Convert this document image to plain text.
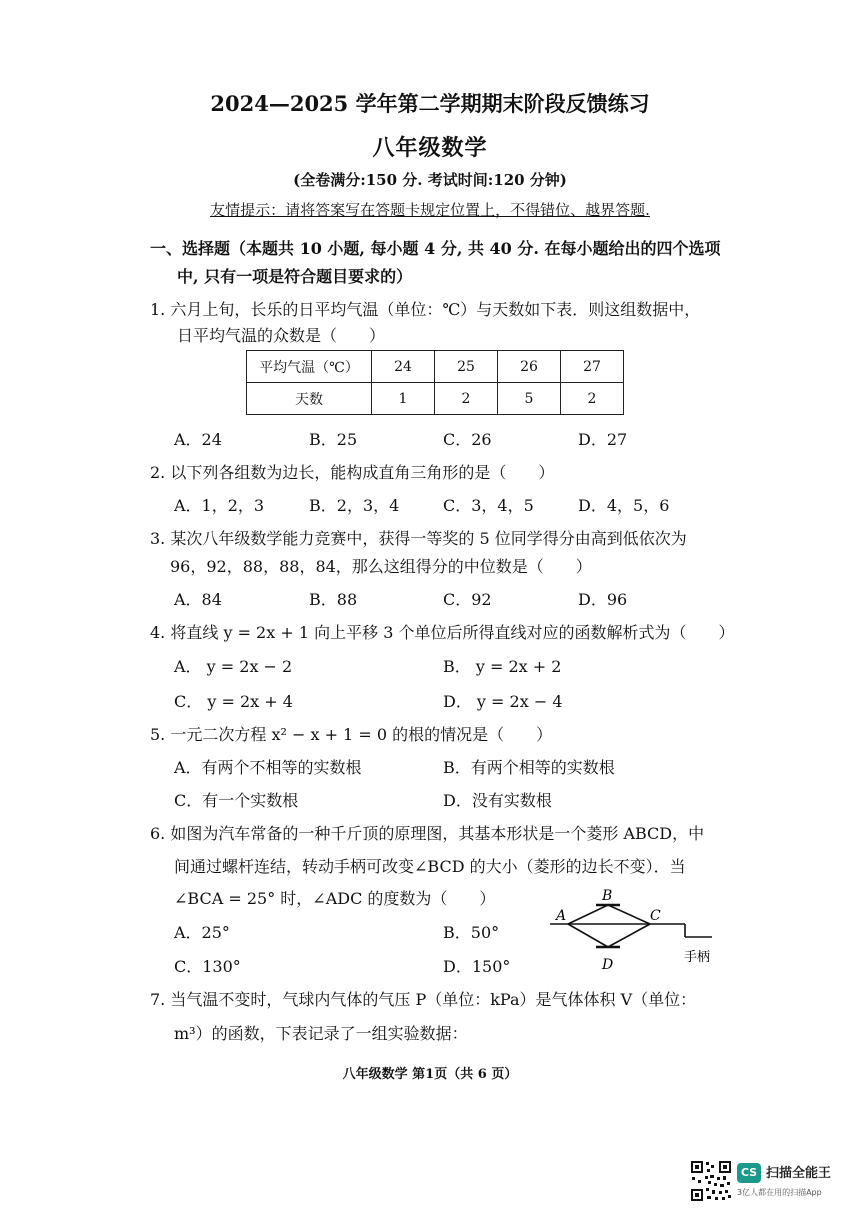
2024—2025 学年第二学期期末阶段反馈练习
八年级数学
(全卷满分:150 分. 考试时间:120 分钟)
友情提示：请将答案写在答题卡规定位置上，不得错位、越界答题.
一、选择题（本题共 10 小题, 每小题 4 分, 共 40 分. 在每小题给出的四个选项
中, 只有一项是符合题目要求的）
1. 六月上旬，长乐的日平均气温（单位：℃）与天数如下表．则这组数据中，
日平均气温的众数是（　　）
平均气温（℃）	24	25	26	27
天数	1	2	5	2
A．24	B．25	C．26	D．27
2. 以下列各组数为边长，能构成直角三角形的是（　　）
A．1，2，3	B．2，3，4	C．3，4，5	D．4，5，6
3. 某次八年级数学能力竞赛中，获得一等奖的 5 位同学得分由高到低依次为
96，92，88，88，84，那么这组得分的中位数是（　　）
A．84	B．88	C．92	D．96
4. 将直线 y = 2x + 1 向上平移 3 个单位后所得直线对应的函数解析式为（　　）
A． y = 2x − 2	B． y = 2x + 2
C． y = 2x + 4	D． y = 2x − 4
5. 一元二次方程 x² − x + 1 = 0 的根的情况是（　　）
A．有两个不相等的实数根	B．有两个相等的实数根
C．有一个实数根	D．没有实数根
6. 如图为汽车常备的一种千斤顶的原理图，其基本形状是一个菱形 ABCD，中
间通过螺杆连结，转动手柄可改变∠BCD 的大小（菱形的边长不变）．当
∠BCA = 25° 时，∠ADC 的度数为（　　）
A．25°	B．50°
C．130°	D．150°
A
B
C
D	手柄
7. 当气温不变时，气球内气体的气压 P（单位：kPa）是气体体积 V（单位：
m³）的函数，下表记录了一组实验数据：
八年级数学 第1页（共 6 页）
CS 扫描全能王
3亿人都在用的扫描App
